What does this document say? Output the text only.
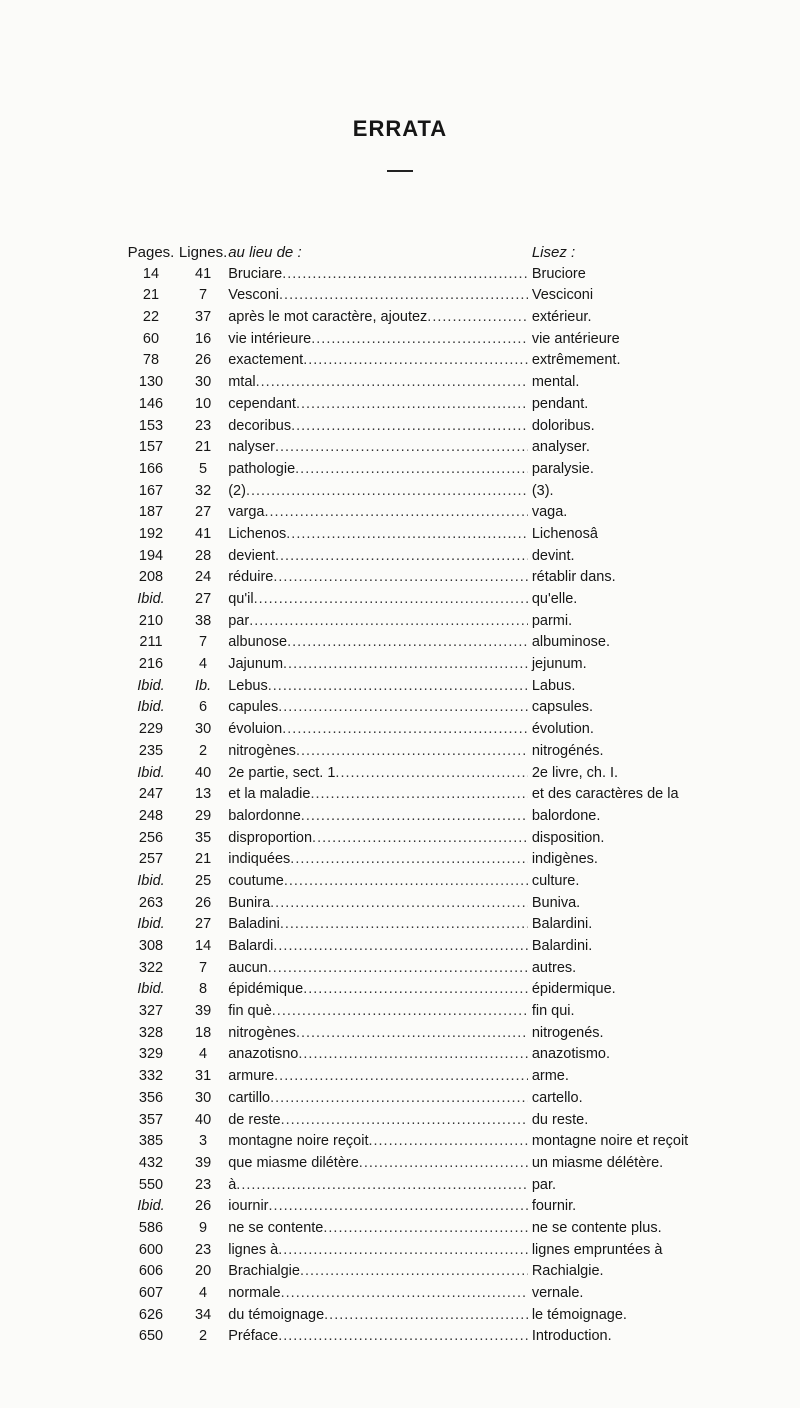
ERRATA
Pages. Lignes. au lieu de :	Lisez :
14	41	Bruciare .....	Bruciore
21	7	Vesconi .....	Vesciconi
22	37	après le mot caractère, ajoutez .....	extérieur.
60	16	vie intérieure .....	vie antérieure
78	26	exactement .....	extrêmement.
130	30	mtal .....	mental.
146	10	cependant .....	pendant.
153	23	decoribus .....	doloribus.
157	21	nalyser .....	analyser.
166	5	pathologie .....	paralysie.
167	32	(2) .....	(3).
187	27	varga .....	vaga.
192	41	Lichenos .....	Lichenosâ
194	28	devient .....	devint.
208	24	réduire .....	rétablir dans.
Ibid.	27	qu'il .....	qu'elle.
210	38	par .....	parmi.
211	7	albunose .....	albuminose.
216	4	Jajunum .....	jejunum.
Ibid.	Ib.	Lebus .....	Labus.
Ibid.	6	capules .....	capsules.
229	30	évoluion .....	évolution.
235	2	nitrogènes .....	nitrogénés.
Ibid.	40	2e partie, sect. 1 .....	2e livre, ch. I.
247	13	et la maladie .....	et des caractères de la
248	29	balordonne .....	balordone.
256	35	disproportion .....	disposition.
257	21	indiquées .....	indigènes.
Ibid.	25	coutume .....	culture.
263	26	Bunira .....	Buniva.
Ibid.	27	Baladini .....	Balardini.
308	14	Balardi .....	Balardini.
322	7	aucun .....	autres.
Ibid.	8	épidémique .....	épidermique.
327	39	fin què .....	fin qui.
328	18	nitrogènes .....	nitrogenés.
329	4	anazotisno .....	anazotismo.
332	31	armure .....	arme.
356	30	cartillo .....	cartello.
357	40	de reste .....	du reste.
385	3	montagne noire reçoit .....	montagne noire et reçoit
432	39	que miasme dilétère .....	un miasme délétère.
550	23	à .....	par.
Ibid.	26	iournir .....	fournir.
586	9	ne se contente .....	ne se contente plus.
600	23	lignes à .....	lignes empruntées à
606	20	Brachialgie .....	Rachialgie.
607	4	normale .....	vernale.
626	34	du témoignage .....	le témoignage.
650	2	Préface .....	Introduction.
